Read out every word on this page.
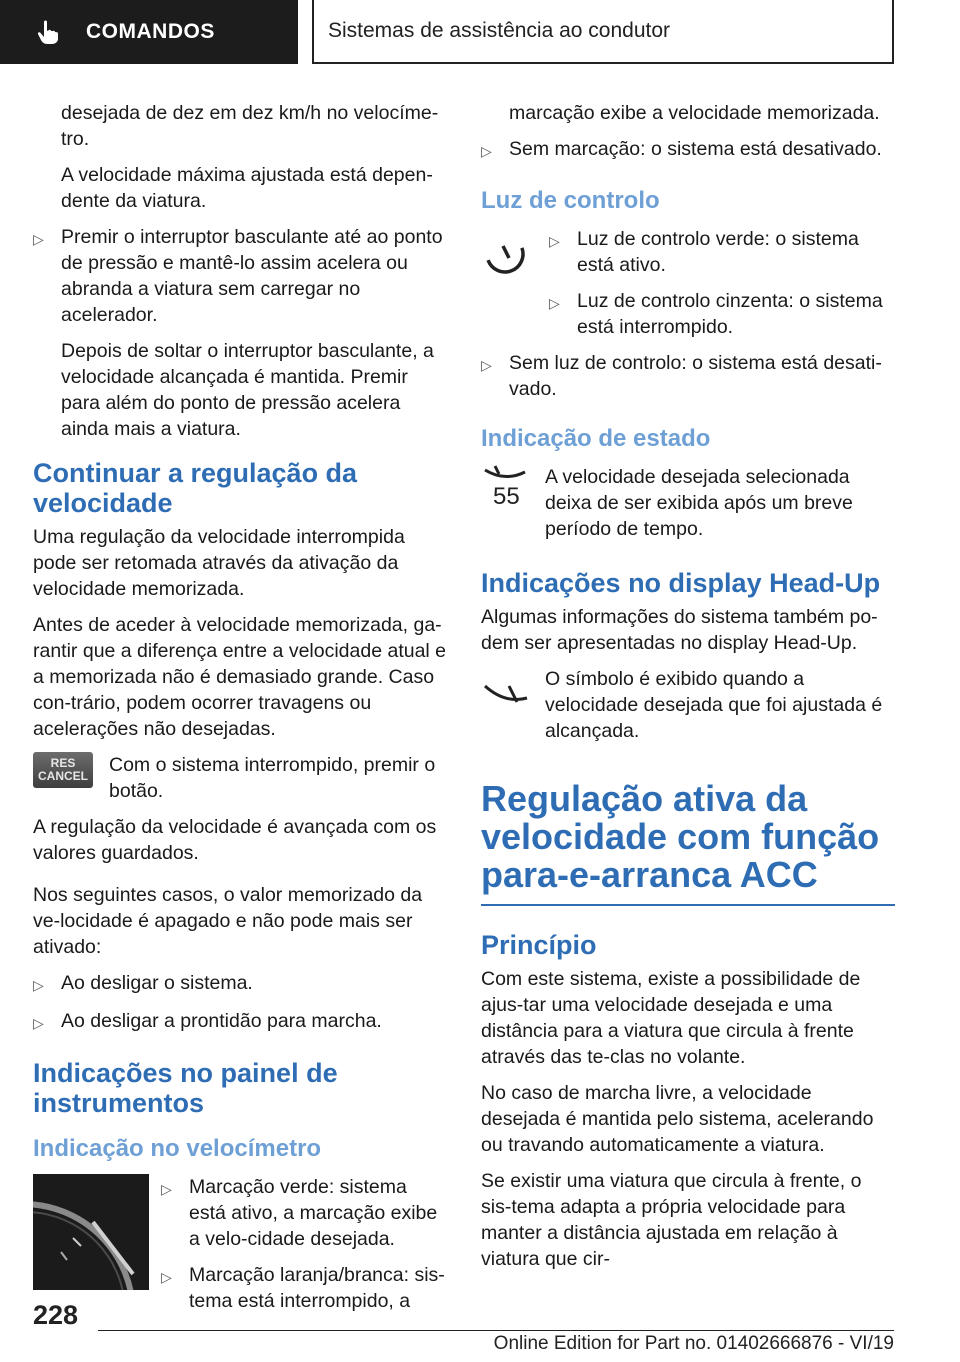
COMANDOS	Sistemas de assistência ao condutor

desejada de dez em dez km/h no velocíme‐tro.

A velocidade máxima ajustada está depen‐dente da viatura.

▷ Premir o interruptor basculante até ao ponto de pressão e mantê-lo assim acelera ou abranda a viatura sem carregar no acelerador.

Depois de soltar o interruptor basculante, a velocidade alcançada é mantida. Premir para além do ponto de pressão acelera ainda mais a viatura.

Continuar a regulação da velocidade

Uma regulação da velocidade interrompida pode ser retomada através da ativação da velocidade memorizada.

Antes de aceder à velocidade memorizada, ga‐rantir que a diferença entre a velocidade atual e a memorizada não é demasiado grande. Caso con‐trário, podem ocorrer travagens ou acelerações não desejadas.

RES
CANCEL	Com o sistema interrompido, premir o botão.

A regulação da velocidade é avançada com os valores guardados.

Nos seguintes casos, o valor memorizado da ve‐locidade é apagado e não pode mais ser ativado:

▷ Ao desligar o sistema.
▷ Ao desligar a prontidão para marcha.
Indicações no painel de instrumentos
Indicação no velocímetro
▷ Marcação verde: sistema está ativo, a marcação exibe a velo‐cidade desejada.
▷ Marcação laranja/branca: sis‐tema está interrompido, a

marcação exibe a velocidade memorizada.

▷ Sem marcação: o sistema está desativado.
Luz de controlo
▷ Luz de controlo verde: o sistema está ativo.
▷ Luz de controlo cinzenta: o sistema está interrompido.
▷ Sem luz de controlo: o sistema está desati‐vado.
Indicação de estado
55
A velocidade desejada selecionada deixa de ser exibida após um breve período de tempo.
Indicações no display Head-Up

Algumas informações do sistema também po‐dem ser apresentadas no display Head-Up.

O símbolo é exibido quando a velocidade desejada que foi ajustada é alcançada.
Regulação ativa da velocidade com função para-e-arranca ACC
Princípio

Com este sistema, existe a possibilidade de ajus‐tar uma velocidade desejada e uma distância para a viatura que circula à frente através das te‐clas no volante.

No caso de marcha livre, a velocidade desejada é mantida pelo sistema, acelerando ou travando automaticamente a viatura.

Se existir uma viatura que circula à frente, o sis‐tema adapta a própria velocidade para manter a distância ajustada em relação à viatura que cir‐

228
Online Edition for Part no. 01402666876 - VI/19
